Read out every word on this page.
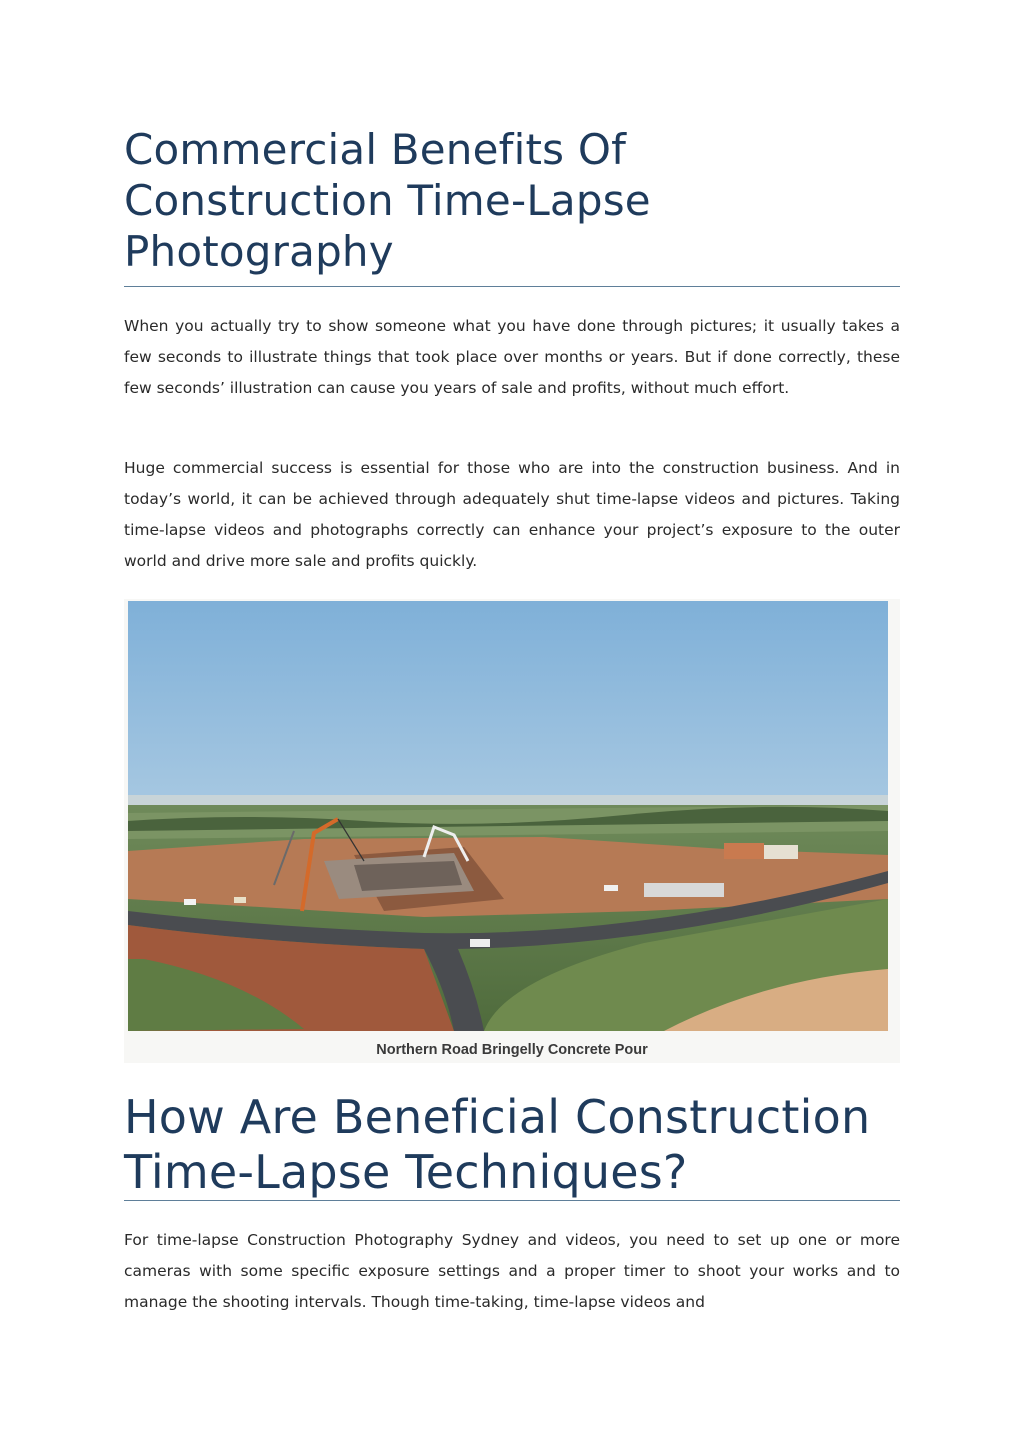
Commercial Benefits Of Construction Time-Lapse Photography

When you actually try to show someone what you have done through pictures; it usually takes a few seconds to illustrate things that took place over months or years. But if done correctly, these few seconds’ illustration can cause you years of sale and profits, without much effort.

Huge commercial success is essential for those who are into the construction business. And in today’s world, it can be achieved through adequately shut time-lapse videos and pictures. Taking time-lapse videos and photographs correctly can enhance your project’s exposure to the outer world and drive more sale and profits quickly.

Northern Road Bringelly Concrete Pour
How Are Beneficial Construction Time-Lapse Techniques?

For time-lapse Construction Photography Sydney and videos, you need to set up one or more cameras with some specific exposure settings and a proper timer to shoot your works and to manage the shooting intervals. Though time-taking, time-lapse videos and
